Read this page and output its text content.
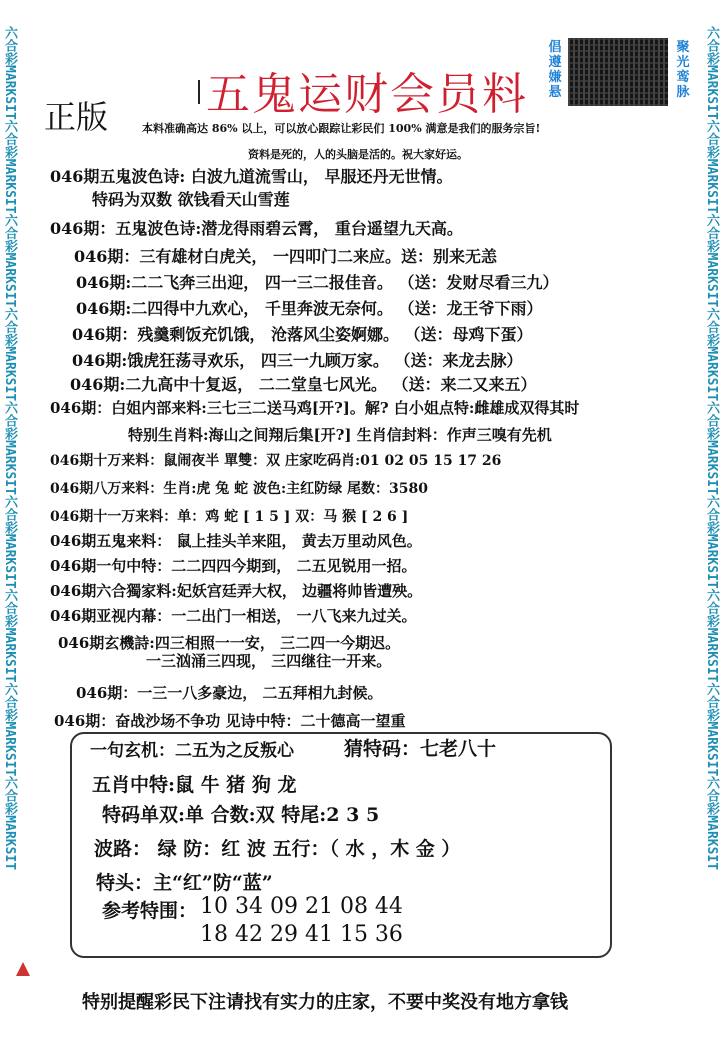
六合彩MARKSIT六合彩MARKSIT六合彩MARKSIT六合彩MARKSIT六合彩MARKSIT六合彩MARKSIT六合彩MARKSIT六合彩MARKSIT六合彩MARKSIT	六合彩MARKSIT六合彩MARKSIT六合彩MARKSIT六合彩MARKSIT六合彩MARKSIT六合彩MARKSIT六合彩MARKSIT六合彩MARKSIT六合彩MARKSIT
五鬼运财会员料
正版
倡遵嫌悬
聚光鸾脉
本料准确高达 86% 以上，可以放心跟踪让彩民们 100% 满意是我们的服务宗旨!
资料是死的，人的头脑是活的。祝大家好运。
046期五鬼波色诗: 白波九道流雪山， 早服还丹无世情。
特码为双数 欲钱看天山雪莲
046期：五鬼波色诗:潜龙得雨碧云霄， 重台遥望九天高。
046期：三有雄材白虎关， 一四叩门二来应。送：别来无恙
046期:二二飞奔三出迎， 四一三二报佳音。 （送：发财尽看三九）
046期:二四得中九欢心， 千里奔波无奈何。 （送：龙王爷下雨）
046期：残羹剩饭充饥饿， 沧落风尘姿婀娜。 （送：母鸡下蛋）
046期:饿虎狂荡寻欢乐， 四三一九顾万家。 （送：来龙去脉）
046期:二九高中十复返， 二二堂皇七风光。 （送：来二又来五）
046期：白姐内部来料:三七三二送马鸡[开?]。解? 白小姐点特:雌雄成双得其时
特别生肖料:海山之间翔后集[开?] 生肖信封料：作声三嗅有先机
046期十万来料：鼠闹夜半 單雙：双 庄家吃码肖:01 02 05 15 17 26
046期八万来料：生肖:虎 兔 蛇 波色:主红防绿 尾数：3580
046期十一万来料：单：鸡 蛇 [ 1 5 ] 双：马 猴 [ 2 6 ]
046期五鬼来料： 鼠上挂头羊来阻， 黄去万里动风色。
046期一句中特：二二四四今期到， 二五见锐用一招。
046期六合獨家料:妃妖宫廷弄大权， 边疆将帅皆遭殃。
046期亚视内幕：一二出门一相送， 一八飞来九过关。
046期玄機詩:四三相照一一安， 三二四一今期迟。
一三汹涌三四现， 三四继往一开来。
046期：一三一八多豪边， 二五拜相九封候。
046期：奋战沙场不争功 见诗中特：二十德高一望重
一句玄机：二五为之反叛心	猜特码：七老八十
五肖中特:鼠 牛 猪 狗 龙
特码单双:单 合数:双 特尾:2 3 5
波路： 绿 防：红 波 五行：（ 水 ，木 金 ）
特头：主“红”防“蓝”
参考特围： 10 34 09 21 08 44
18 42 29 41 15 36
特别提醒彩民下注请找有实力的庄家，不要中奖没有地方拿钱
